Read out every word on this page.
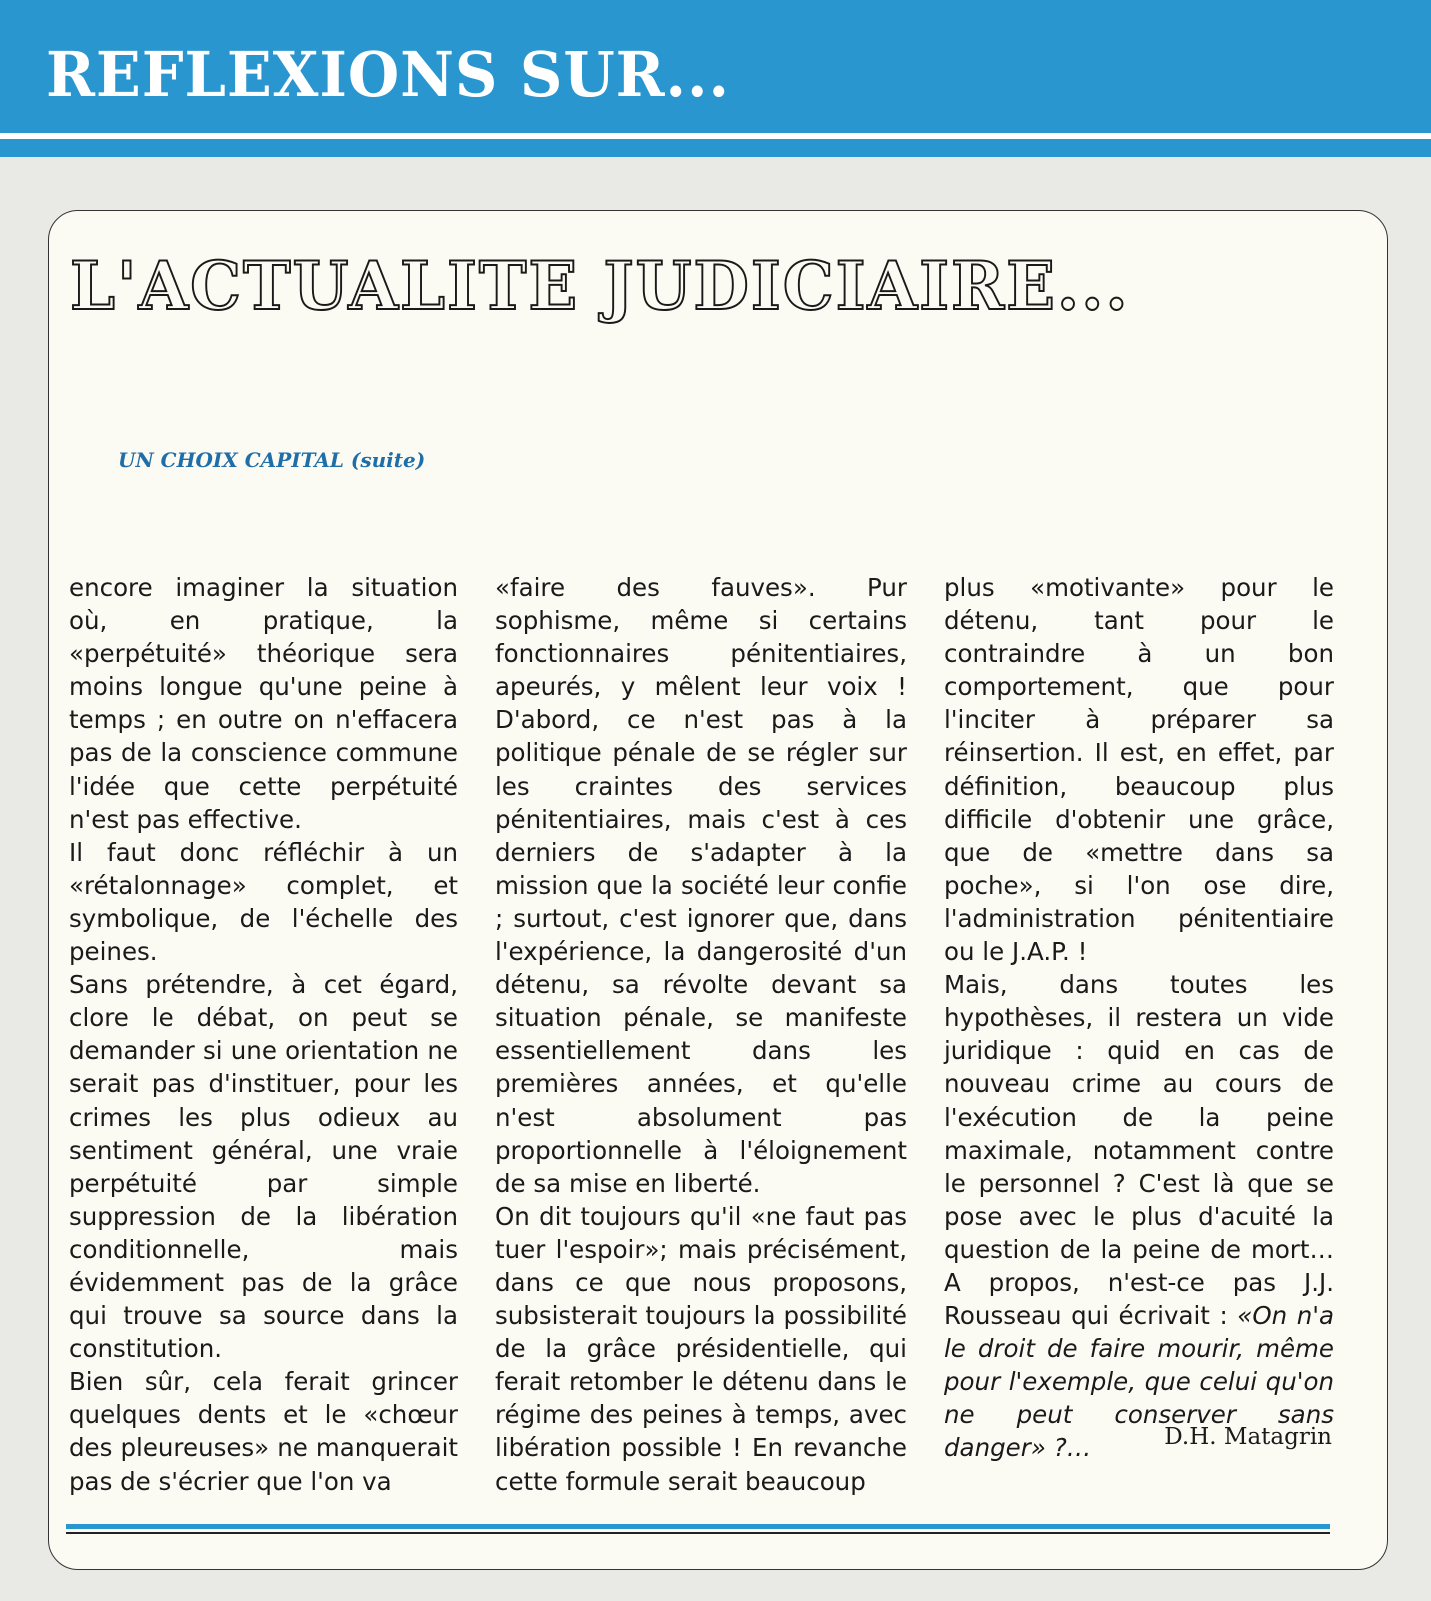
REFLEXIONS SUR...
L'ACTUALITE JUDICIAIRE...

UN CHOIX CAPITAL (suite)

encore imaginer la situation où, en pratique, la «perpétuité» théorique sera moins longue qu'une peine à temps ; en outre on n'effacera pas de la conscience commune l'idée que cette perpétuité n'est pas effective.

Il faut donc réfléchir à un «rétalonnage» complet, et symbolique, de l'échelle des peines.

Sans prétendre, à cet égard, clore le débat, on peut se demander si une orientation ne serait pas d'instituer, pour les crimes les plus odieux au sentiment général, une vraie perpétuité par simple suppression de la libération conditionnelle, mais évidemment pas de la grâce qui trouve sa source dans la constitution.

Bien sûr, cela ferait grincer quelques dents et le «chœur des pleureuses» ne manquerait pas de s'écrier que l'on va

«faire des fauves». Pur sophisme, même si certains fonctionnaires pénitentiaires, apeurés, y mêlent leur voix ! D'abord, ce n'est pas à la politique pénale de se régler sur les craintes des services pénitentiaires, mais c'est à ces derniers de s'adapter à la mission que la société leur confie ; surtout, c'est ignorer que, dans l'expérience, la dangerosité d'un détenu, sa révolte devant sa situation pénale, se manifeste essentiellement dans les premières années, et qu'elle n'est absolument pas proportionnelle à l'éloignement de sa mise en liberté.

On dit toujours qu'il «ne faut pas tuer l'espoir»; mais précisément, dans ce que nous proposons, subsisterait toujours la possibilité de la grâce présidentielle, qui ferait retomber le détenu dans le régime des peines à temps, avec libération possible ! En revanche cette formule serait beaucoup

plus «motivante» pour le détenu, tant pour le contraindre à un bon comportement, que pour l'inciter à préparer sa réinsertion. Il est, en effet, par définition, beaucoup plus difficile d'obtenir une grâce, que de «mettre dans sa poche», si l'on ose dire, l'administration pénitentiaire ou le J.A.P. !

Mais, dans toutes les hypothèses, il restera un vide juridique : quid en cas de nouveau crime au cours de l'exécution de la peine maximale, notamment contre le personnel ? C'est là que se pose avec le plus d'acuité la question de la peine de mort… A propos, n'est-ce pas J.J. Rousseau qui écrivait : «On n'a le droit de faire mourir, même pour l'exemple, que celui qu'on ne peut conserver sans danger» ?…	D.H. Matagrin
